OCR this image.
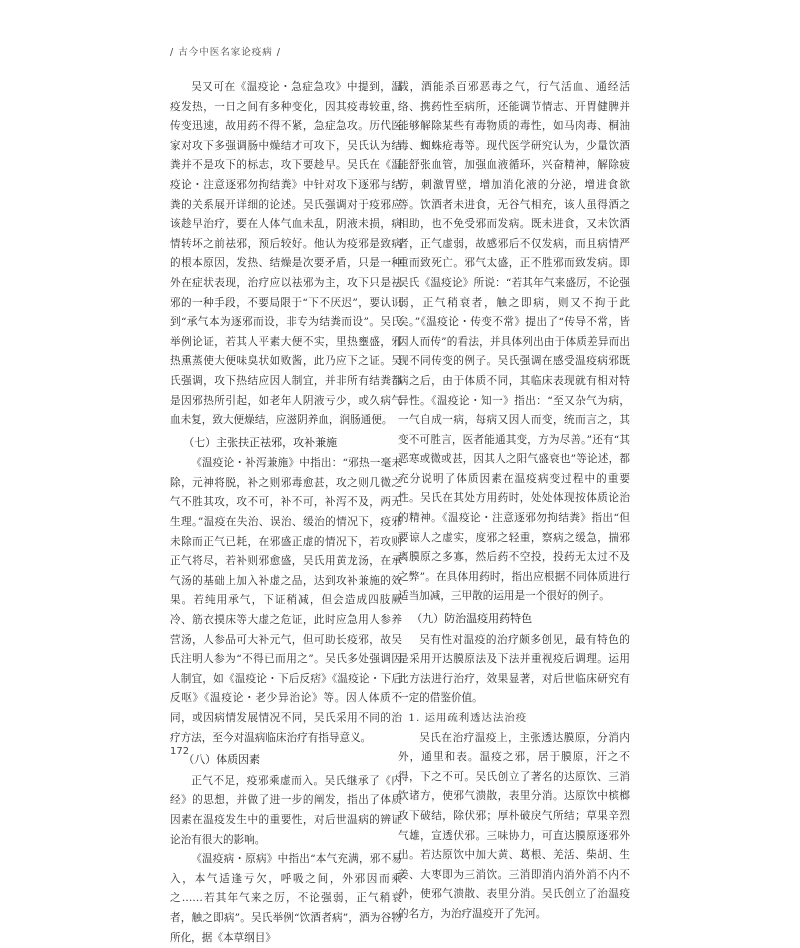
/ 古今中医名家论疫病 /

吴又可在《温疫论・急症急攻》中提到，温疫发热，一日之间有多种变化，因其疫毒较重，传变迅速，故用药不得不紧，急症急攻。历代医家对攻下多强调肠中燥结才可攻下，吴氏认为结粪并不是攻下的标志，攻下要趁早。吴氏在《温疫论・注意逐邪勿拘结粪》中针对攻下逐邪与结粪的关系展开详细的论述。吴氏强调对于疫邪应该趁早治疗，要在人体气血未乱，阴液未损，病情转坏之前祛邪，预后较好。他认为疫邪是致病的根本原因，发热、结燥是次要矛盾，只是一种外在症状表现，治疗应以祛邪为主，攻下只是祛邪的一种手段，不要局限于“下不厌迟”，要认识到“承气本为逐邪而设，非专为结粪而设”。吴氏举例论证，若其人平素大便不实，里热壅盛，邪热熏蒸使大便味臭状如败酱，此乃应下之证。吴氏强调，攻下热结应因人制宜，并非所有结粪都是因邪热所引起，如老年人阴液亏少，或久病气血未复，致大便燥结，应滋阴养血，润肠通便。

（七）主张扶正祛邪，攻补兼施

《温疫论・补泻兼施》中指出：“邪热一毫未除，元神将脱，补之则邪毒愈甚，攻之则几微之气不胜其攻，攻不可，补不可，补泻不及，两无生理。”温疫在失治、误治、缓治的情况下，疫邪未除而正气已耗，在邪盛正虚的情况下，若攻则正气将尽，若补则邪愈盛，吴氏用黄龙汤，在承气汤的基础上加入补虚之品，达到攻补兼施的效果。若纯用承气，下证稍减，但会造成四肢厥冷、筋衣摸床等大虚之危证，此时应急用人参养营汤，人参品可大补元气，但可助长疫邪，故吴氏注明人参为“不得已而用之”。吴氏多处强调因人制宜，如《温疫论・下后反痞》《温疫论・下后反呕》《温疫论・老少异治论》等。因人体质不同，或因病情发展情况不同，吴氏采用不同的治疗方法，至今对温病临床治疗有指导意义。

（八）体质因素

正气不足，疫邪乘虚而入。吴氏继承了《内经》的思想，并做了进一步的阐发，指出了体质因素在温疫发生中的重要性，对后世温病的辨证论治有很大的影响。

《温疫病・原病》中指出“本气充满，邪不易入，本气适逢亏欠，呼吸之间，外邪因而乘之……若其年气来之厉，不论强弱，正气稍衰者，触之即病”。吴氏举例“饮酒者病”，酒为谷物所化，据《本草纲目》

载，酒能杀百邪恶毒之气，行气活血、通经活络、携药性至病所，还能调节情志、开胃健脾并能够解除某些有毒物质的毒性，如马肉毒、桐油毒、蜘蛛疮毒等。现代医学研究认为，少量饮酒能舒张血管，加强血液循环，兴奋精神，解除疲劳，刺激胃壁，增加消化液的分泌，增进食欲等。饮酒者未进食，无谷气相充，该人虽得酒之相助，也不免受邪而发病。既未进食，又未饮酒者，正气虚弱，故感邪后不仅发病，而且病情严重而致死亡。邪气太盛，正不胜邪而致发病。即吴氏《温疫论》所说：“若其年气来盛厉，不论强弱，正气稍衰者，触之即病，则又不拘于此矣。”《温疫论・传变不常》提出了“传导不常，皆因人而传”的看法，并具体列出由于体质差异而出现不同传变的例子。吴氏强调在感受温疫病邪既病之后，由于体质不同，其临床表现就有相对特异性。《温疫论・知一》指出：“至又杂气为病，一气自成一病，每病又因人而变，统而言之，其变不可胜言，医者能通其变，方为尽善。”还有“其恶寒或微或甚，因其人之阳气盛衰也”等论述，都充分说明了体质因素在温疫病变过程中的重要性。吴氏在其处方用药时，处处体现按体质论治的精神。《温疫论・注意逐邪勿拘结粪》指出“但要谅人之虚实，度邪之轻重，察病之缓急，揣邪离膜原之多寡，然后药不空投，投药无太过不及之弊”。在具体用药时，指出应根据不同体质进行适当加减，三甲散的运用是一个很好的例子。

（九）防治温疫用药特色

吴有性对温疫的治疗颇多创见，最有特色的是采用开达膜原法及下法并重视疫后调理。运用此方法进行治疗，效果显著，对后世临床研究有一定的借鉴价值。

1. 运用疏利透达法治疫

吴氏在治疗温疫上，主张透达膜原，分消内外，通里和表。温疫之邪，居于膜原，汗之不得，下之不可。吴氏创立了著名的达原饮、三消饮诸方，使邪气溃散，表里分消。达原饮中槟榔攻下破结，除伏邪；厚朴破戾气所结；草果辛烈气雄，宣透伏邪。三味协力，可直达膜原逐邪外出。若达原饮中加大黄、葛根、羌活、柴胡、生姜、大枣即为三消饮。三消即消内消外消不内不外，使邪气溃散、表里分消。吴氏创立了治温疫的名方，为治疗温疫开了先河。

172
